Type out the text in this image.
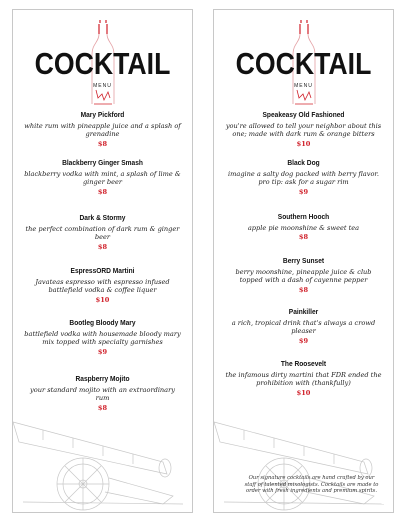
COCKTAIL
MENU
Mary Pickford
white rum with pineapple juice and a splash of grenadine
$8
Blackberry Ginger Smash
blackberry vodka with mint, a splash of lime & ginger beer
$8
Dark & Stormy
the perfect combination of dark rum & ginger beer
$8
EspressORD Martini
Javateas espresso with espresso infused battlefield vodka & coffee liquer
$10
Bootleg Bloody Mary
battlefield vodka with housemade bloody mary mix topped with specialty garnishes
$9
Raspberry Mojito
your standard mojito with an extraordinary rum
$8
COCKTAIL
MENU
Speakeasy Old Fashioned
you're allowed to tell your neighbor about this one; made with dark rum & orange bitters
$10
Black Dog
imagine a salty dog packed with berry flavor. pro tip: ask for a sugar rim
$9
Southern Hooch
apple pie moonshine & sweet tea
$8
Berry Sunset
berry moonshine, pineapple juice & club topped with a dash of cayenne pepper
$8
Painkiller
a rich, tropical drink that's always a crowd pleaser
$9
The Roosevelt
the infamous dirty martini that FDR ended the prohibition with (thankfully)
$10
Our signature cocktails are hand crafted by our staff of talented mixologists. Cocktails are made to order with fresh ingredients and premium spirits.
